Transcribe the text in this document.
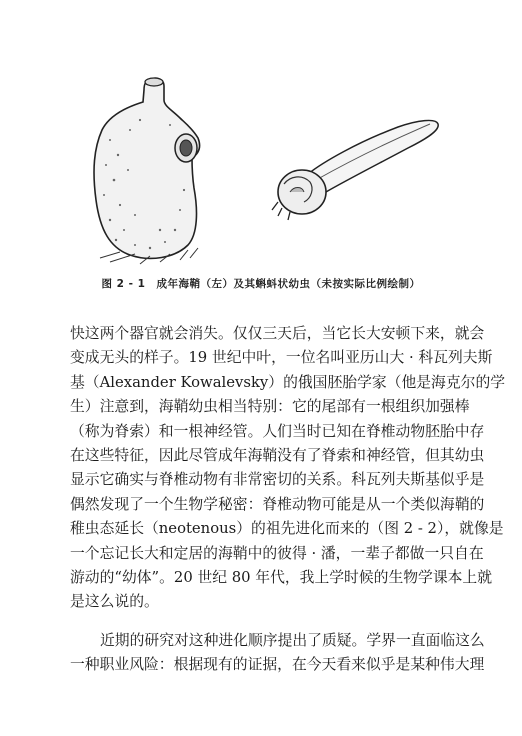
图 2 - 1　成年海鞘（左）及其蝌蚪状幼虫（未按实际比例绘制）
快这两个器官就会消失。仅仅三天后，当它长大安顿下来，就会
变成无头的样子。19 世纪中叶，一位名叫亚历山大 · 科瓦列夫斯
基（Alexander Kowalevsky）的俄国胚胎学家（他是海克尔的学
生）注意到，海鞘幼虫相当特别：它的尾部有一根组织加强棒
（称为脊索）和一根神经管。人们当时已知在脊椎动物胚胎中存
在这些特征，因此尽管成年海鞘没有了脊索和神经管，但其幼虫
显示它确实与脊椎动物有非常密切的关系。科瓦列夫斯基似乎是
偶然发现了一个生物学秘密：脊椎动物可能是从一个类似海鞘的
稚虫态延长（neotenous）的祖先进化而来的（图 2 - 2），就像是
一个忘记长大和定居的海鞘中的彼得 · 潘，一辈子都做一只自在
游动的“幼体”。20 世纪 80 年代，我上学时候的生物学课本上就
是这么说的。
近期的研究对这种进化顺序提出了质疑。学界一直面临这么
一种职业风险：根据现有的证据，在今天看来似乎是某种伟大理
